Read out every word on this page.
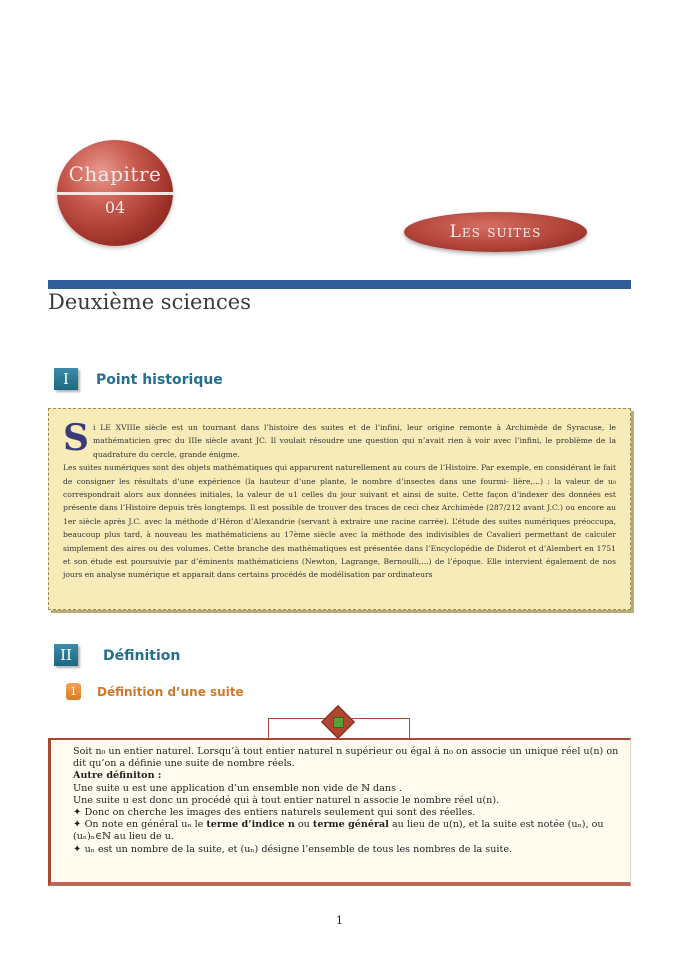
Chapitre
04
Les suites
Deuxième sciences
I	Point historique
S i LE XVIIIe siècle est un tournant dans l’histoire des suites et de l’infini, leur origine remonte à Archimède de Syracuse, le mathématicien grec du IIIe siècle avant JC. Il voulait résoudre une question qui n’avait rien à voir avec l’infini, le problème de la quadrature du cercle, grande énigme.

Les suites numériques sont des objets mathématiques qui apparurent naturellement au cours de l’Histoire. Par exemple, en considérant le fait de consigner les résultats d’une expérience (la hauteur d’une plante, le nombre d’insectes dans une fourmi- lière,...) : la valeur de u₀ correspondrait alors aux données initiales, la valeur de u1 celles du jour suivant et ainsi de suite. Cette façon d’indexer des données est présente dans l’Histoire depuis très longtemps. Il est possible de trouver des traces de ceci chez Archimède (287/212 avant J.C.) ou encore au 1er siècle après J.C. avec la méthode d’Héron d’Alexandrie (servant à extraire une racine carrée). L’étude des suites numériques préoccupa, beaucoup plus tard, à nouveau les mathématiciens au 17ème siècle avec la méthode des indivisibles de Cavalieri permettant de calculer simplement des aires ou des volumes. Cette branche des mathématiques est présentée dans l’Encyclopédie de Diderot et d’Alembert en 1751 et son étude est poursuivie par d’éminents mathématiciens (Newton, Lagrange, Bernoulli,...) de l’époque. Elle intervient également de nos jours en analyse numérique et apparait dans certains procédés de modélisation par ordinateurs

II	Définition
1	Définition d’une suite

Soit n₀ un entier naturel. Lorsqu’à tout entier naturel n supérieur ou égal à n₀ on associe un unique réel u(n) on dit qu’on a définie une suite de nombre réels.

Autre définiton :

Une suite u est une application d’un ensemble non vide de ℕ dans .

Une suite u est donc un procédé qui à tout entier naturel n associe le nombre réel u(n).

✦ Donc on cherche les images des entiers naturels seulement qui sont des réelles.

✦ On note en général uₙ le terme d’indice n ou terme général au lieu de u(n), et la suite est notée (uₙ), ou (uₙ)ₙ∈ℕ au lieu de u.

✦ uₙ est un nombre de la suite, et (uₙ) désigne l’ensemble de tous les nombres de la suite.

1
